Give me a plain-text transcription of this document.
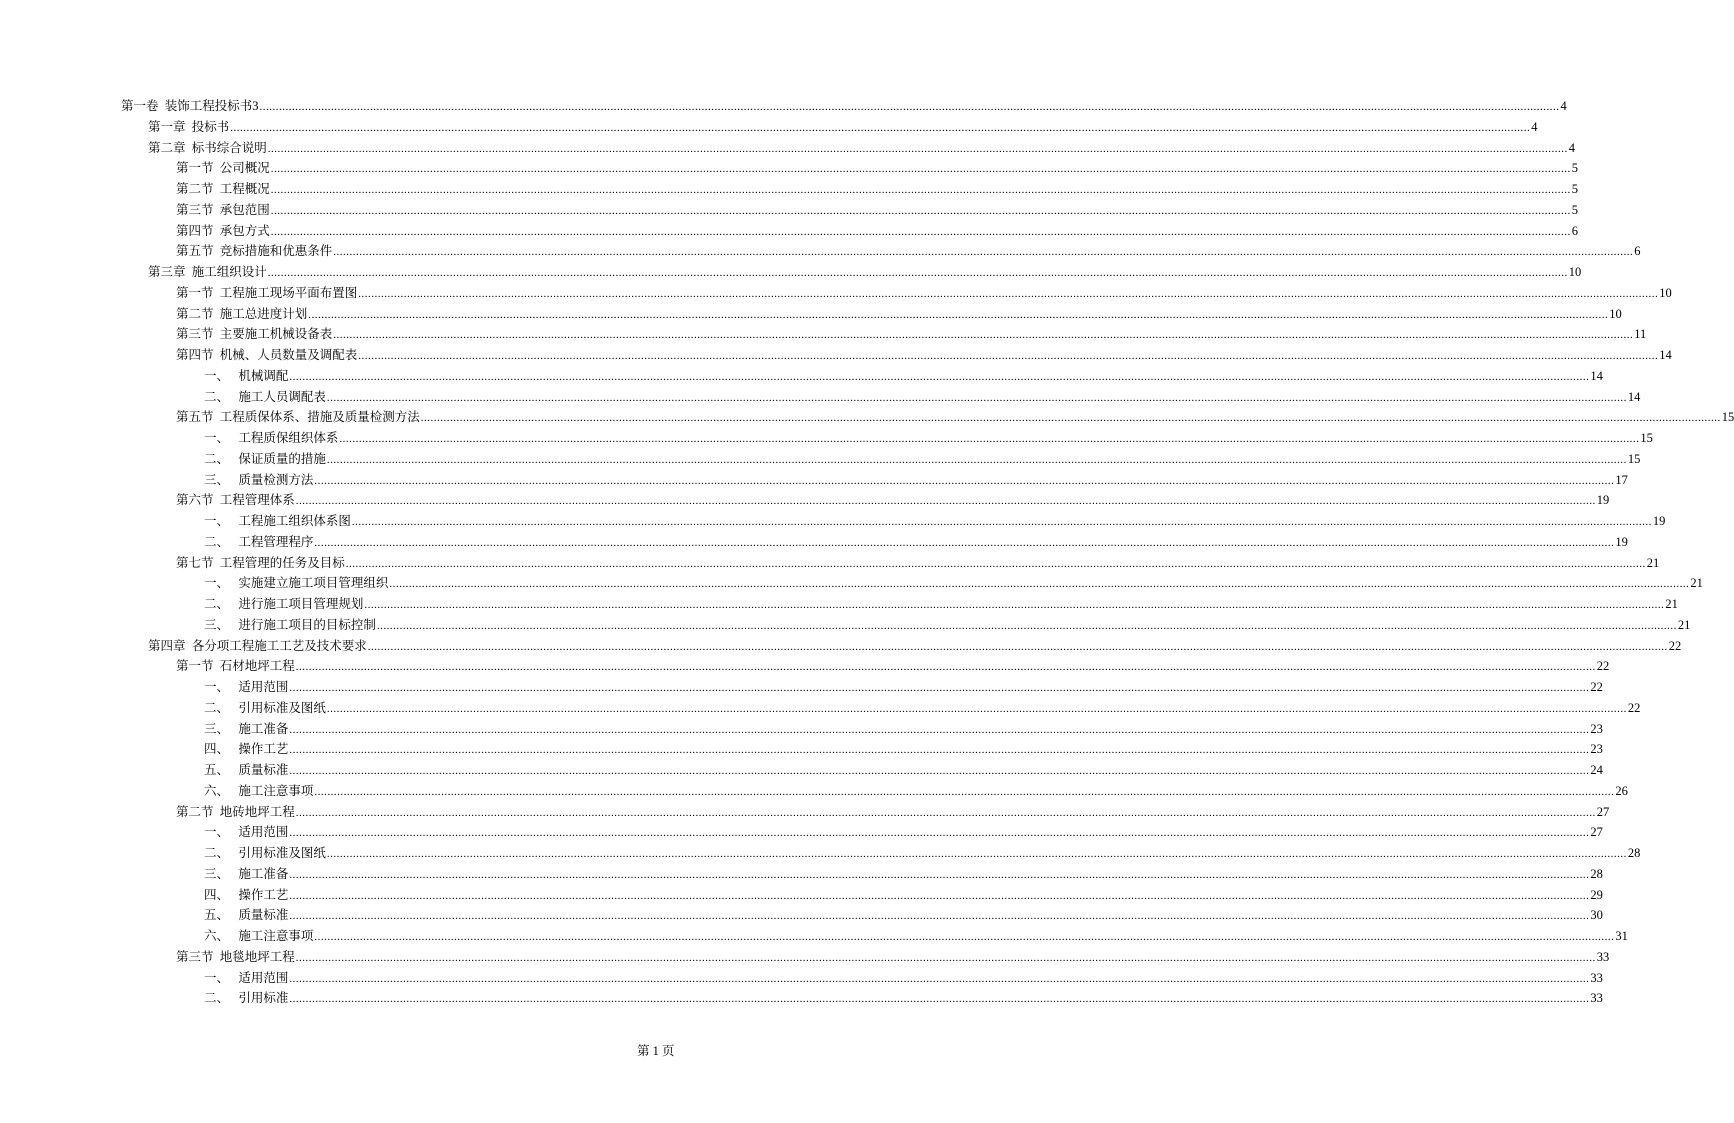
第一卷  装饰工程投标书3 ................................................................................................................................................................................................................................................................................................................................................................................................................ 4
第一章  投标书 ................................................................................................................................................................................................................................................................................................................................................................................................................ 4
第二章  标书综合说明 ................................................................................................................................................................................................................................................................................................................................................................................................................ 4
第一节  公司概况 ................................................................................................................................................................................................................................................................................................................................................................................................................ 5
第二节  工程概况 ................................................................................................................................................................................................................................................................................................................................................................................................................ 5
第三节  承包范围 ................................................................................................................................................................................................................................................................................................................................................................................................................ 5
第四节  承包方式 ................................................................................................................................................................................................................................................................................................................................................................................................................ 6
第五节  竞标措施和优惠条件 ................................................................................................................................................................................................................................................................................................................................................................................................................ 6
第三章  施工组织设计 ................................................................................................................................................................................................................................................................................................................................................................................................................ 10
第一节  工程施工现场平面布置图 ................................................................................................................................................................................................................................................................................................................................................................................................................ 10
第二节  施工总进度计划 ................................................................................................................................................................................................................................................................................................................................................................................................................ 10
第三节  主要施工机械设备表 ................................................................................................................................................................................................................................................................................................................................................................................................................ 11
第四节  机械、人员数量及调配表 ................................................................................................................................................................................................................................................................................................................................................................................................................ 14
一、   机械调配 ................................................................................................................................................................................................................................................................................................................................................................................................................ 14
二、   施工人员调配表 ................................................................................................................................................................................................................................................................................................................................................................................................................ 14
第五节  工程质保体系、措施及质量检测方法 ................................................................................................................................................................................................................................................................................................................................................................................................................ 15
一、   工程质保组织体系 ................................................................................................................................................................................................................................................................................................................................................................................................................ 15
二、   保证质量的措施 ................................................................................................................................................................................................................................................................................................................................................................................................................ 15
三、   质量检测方法 ................................................................................................................................................................................................................................................................................................................................................................................................................ 17
第六节  工程管理体系 ................................................................................................................................................................................................................................................................................................................................................................................................................ 19
一、   工程施工组织体系图 ................................................................................................................................................................................................................................................................................................................................................................................................................ 19
二、   工程管理程序 ................................................................................................................................................................................................................................................................................................................................................................................................................ 19
第七节  工程管理的任务及目标 ................................................................................................................................................................................................................................................................................................................................................................................................................ 21
一、   实施建立施工项目管理组织 ................................................................................................................................................................................................................................................................................................................................................................................................................ 21
二、   进行施工项目管理规划 ................................................................................................................................................................................................................................................................................................................................................................................................................ 21
三、   进行施工项目的目标控制 ................................................................................................................................................................................................................................................................................................................................................................................................................ 21
第四章  各分项工程施工工艺及技术要求 ................................................................................................................................................................................................................................................................................................................................................................................................................ 22
第一节  石材地坪工程 ................................................................................................................................................................................................................................................................................................................................................................................................................ 22
一、   适用范围 ................................................................................................................................................................................................................................................................................................................................................................................................................ 22
二、   引用标准及图纸 ................................................................................................................................................................................................................................................................................................................................................................................................................ 22
三、   施工准备 ................................................................................................................................................................................................................................................................................................................................................................................................................ 23
四、   操作工艺 ................................................................................................................................................................................................................................................................................................................................................................................................................ 23
五、   质量标准 ................................................................................................................................................................................................................................................................................................................................................................................................................ 24
六、   施工注意事项 ................................................................................................................................................................................................................................................................................................................................................................................................................ 26
第二节  地砖地坪工程 ................................................................................................................................................................................................................................................................................................................................................................................................................ 27
一、   适用范围 ................................................................................................................................................................................................................................................................................................................................................................................................................ 27
二、   引用标准及图纸 ................................................................................................................................................................................................................................................................................................................................................................................................................ 28
三、   施工准备 ................................................................................................................................................................................................................................................................................................................................................................................................................ 28
四、   操作工艺 ................................................................................................................................................................................................................................................................................................................................................................................................................ 29
五、   质量标准 ................................................................................................................................................................................................................................................................................................................................................................................................................ 30
六、   施工注意事项 ................................................................................................................................................................................................................................................................................................................................................................................................................ 31
第三节  地毯地坪工程 ................................................................................................................................................................................................................................................................................................................................................................................................................ 33
一、   适用范围 ................................................................................................................................................................................................................................................................................................................................................................................................................ 33
二、   引用标准 ................................................................................................................................................................................................................................................................................................................................................................................................................ 33
第 1 页
